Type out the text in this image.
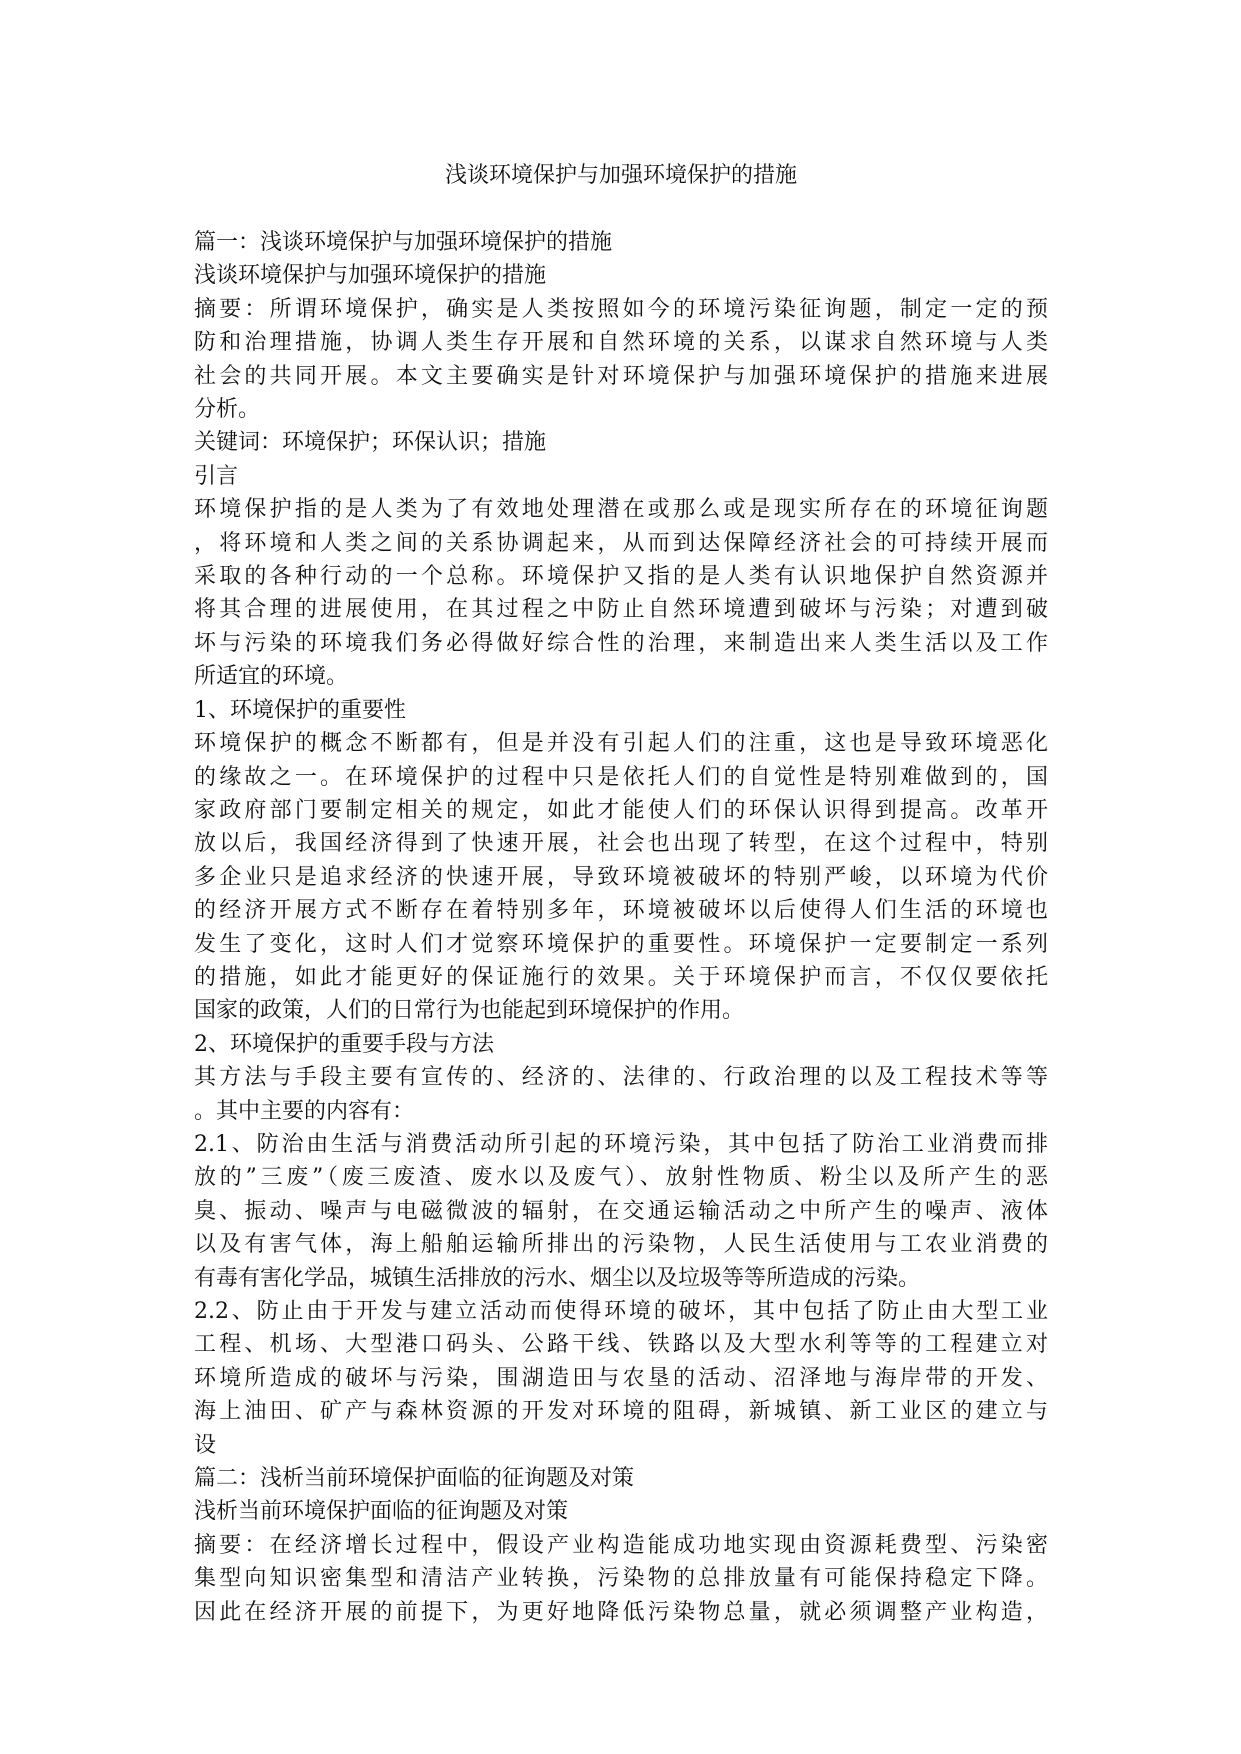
浅谈环境保护与加强环境保护的措施

篇一：浅谈环境保护与加强环境保护的措施

浅谈环境保护与加强环境保护的措施

摘要：所谓环境保护，确实是人类按照如今的环境污染征询题，制定一定的预

防和治理措施，协调人类生存开展和自然环境的关系，以谋求自然环境与人类

社会的共同开展。本文主要确实是针对环境保护与加强环境保护的措施来进展

分析。

关键词：环境保护；环保认识；措施

引言

环境保护指的是人类为了有效地处理潜在或那么或是现实所存在的环境征询题

，将环境和人类之间的关系协调起来，从而到达保障经济社会的可持续开展而

采取的各种行动的一个总称。环境保护又指的是人类有认识地保护自然资源并

将其合理的进展使用，在其过程之中防止自然环境遭到破坏与污染；对遭到破

坏与污染的环境我们务必得做好综合性的治理，来制造出来人类生活以及工作

所适宜的环境。

1、环境保护的重要性

环境保护的概念不断都有，但是并没有引起人们的注重，这也是导致环境恶化

的缘故之一。在环境保护的过程中只是依托人们的自觉性是特别难做到的，国

家政府部门要制定相关的规定，如此才能使人们的环保认识得到提高。改革开

放以后，我国经济得到了快速开展，社会也出现了转型，在这个过程中，特别

多企业只是追求经济的快速开展，导致环境被破坏的特别严峻，以环境为代价

的经济开展方式不断存在着特别多年，环境被破坏以后使得人们生活的环境也

发生了变化，这时人们才觉察环境保护的重要性。环境保护一定要制定一系列

的措施，如此才能更好的保证施行的效果。关于环境保护而言，不仅仅要依托

国家的政策，人们的日常行为也能起到环境保护的作用。

2、环境保护的重要手段与方法

其方法与手段主要有宣传的、经济的、法律的、行政治理的以及工程技术等等

。其中主要的内容有：

2.1、防治由生活与消费活动所引起的环境污染，其中包括了防治工业消费而排

放的”三废”（废三废渣、废水以及废气）、放射性物质、粉尘以及所产生的恶

臭、振动、噪声与电磁微波的辐射，在交通运输活动之中所产生的噪声、液体

以及有害气体，海上船舶运输所排出的污染物，人民生活使用与工农业消费的

有毒有害化学品，城镇生活排放的污水、烟尘以及垃圾等等所造成的污染。

2.2、防止由于开发与建立活动而使得环境的破坏，其中包括了防止由大型工业

工程、机场、大型港口码头、公路干线、铁路以及大型水利等等的工程建立对

环境所造成的破坏与污染，围湖造田与农垦的活动、沼泽地与海岸带的开发、

海上油田、矿产与森林资源的开发对环境的阻碍，新城镇、新工业区的建立与

设

篇二：浅析当前环境保护面临的征询题及对策

浅析当前环境保护面临的征询题及对策

摘要：在经济增长过程中，假设产业构造能成功地实现由资源耗费型、污染密

集型向知识密集型和清洁产业转换，污染物的总排放量有可能保持稳定下降。

因此在经济开展的前提下，为更好地降低污染物总量，就必须调整产业构造，
